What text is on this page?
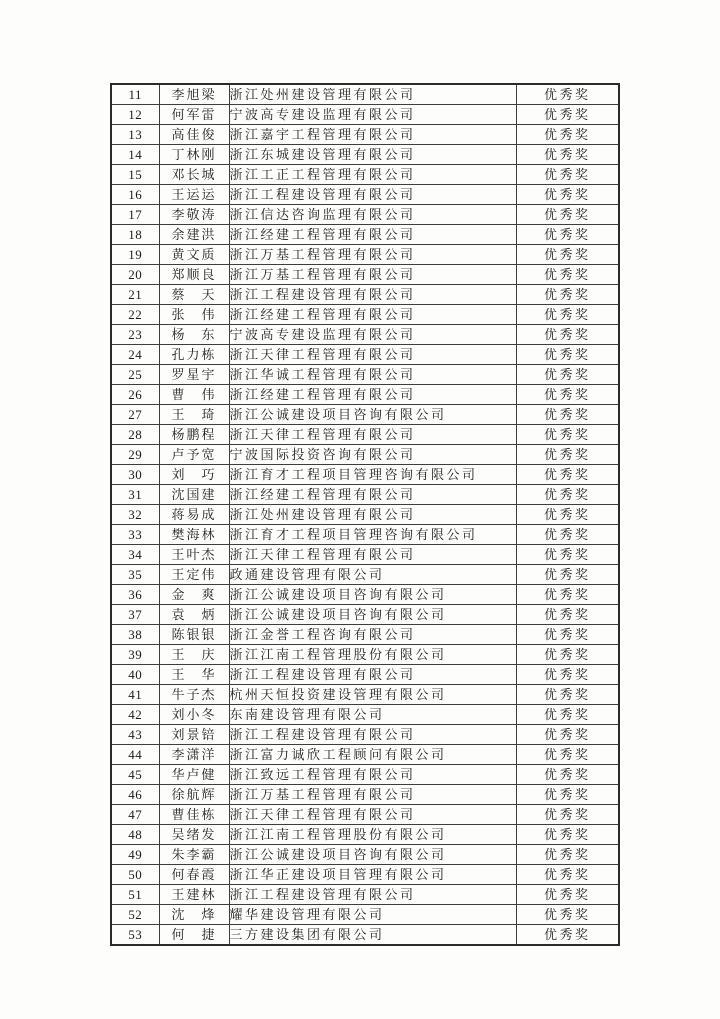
11	李旭梁	浙江处州建设管理有限公司	优秀奖
12	何军雷	宁波高专建设监理有限公司	优秀奖
13	高佳俊	浙江嘉宇工程管理有限公司	优秀奖
14	丁林刚	浙江东城建设管理有限公司	优秀奖
15	邓长城	浙江工正工程管理有限公司	优秀奖
16	王运运	浙江工程建设管理有限公司	优秀奖
17	李敬涛	浙江信达咨询监理有限公司	优秀奖
18	余建洪	浙江经建工程管理有限公司	优秀奖
19	黄文质	浙江万基工程管理有限公司	优秀奖
20	郑顺良	浙江万基工程管理有限公司	优秀奖
21	蔡　天	浙江工程建设管理有限公司	优秀奖
22	张　伟	浙江经建工程管理有限公司	优秀奖
23	杨　东	宁波高专建设监理有限公司	优秀奖
24	孔力栋	浙江天律工程管理有限公司	优秀奖
25	罗星宇	浙江华诚工程管理有限公司	优秀奖
26	曹　伟	浙江经建工程管理有限公司	优秀奖
27	王　琦	浙江公诚建设项目咨询有限公司	优秀奖
28	杨鹏程	浙江天律工程管理有限公司	优秀奖
29	卢予宽	宁波国际投资咨询有限公司	优秀奖
30	刘　巧	浙江育才工程项目管理咨询有限公司	优秀奖
31	沈国建	浙江经建工程管理有限公司	优秀奖
32	蒋易成	浙江处州建设管理有限公司	优秀奖
33	樊海林	浙江育才工程项目管理咨询有限公司	优秀奖
34	王叶杰	浙江天律工程管理有限公司	优秀奖
35	王定伟	政通建设管理有限公司	优秀奖
36	金　爽	浙江公诚建设项目咨询有限公司	优秀奖
37	袁　炳	浙江公诚建设项目咨询有限公司	优秀奖
38	陈银银	浙江金誉工程咨询有限公司	优秀奖
39	王　庆	浙江江南工程管理股份有限公司	优秀奖
40	王　华	浙江工程建设管理有限公司	优秀奖
41	牛子杰	杭州天恒投资建设管理有限公司	优秀奖
42	刘小冬	东南建设管理有限公司	优秀奖
43	刘景锫	浙江工程建设管理有限公司	优秀奖
44	李潇洋	浙江富力诚欣工程顾问有限公司	优秀奖
45	华卢健	浙江致远工程管理有限公司	优秀奖
46	徐航辉	浙江万基工程管理有限公司	优秀奖
47	曹佳栋	浙江天律工程管理有限公司	优秀奖
48	吴绪发	浙江江南工程管理股份有限公司	优秀奖
49	朱李霸	浙江公诚建设项目咨询有限公司	优秀奖
50	何春霞	浙江华正建设项目管理有限公司	优秀奖
51	王建林	浙江工程建设管理有限公司	优秀奖
52	沈　烽	耀华建设管理有限公司	优秀奖
53	何　捷	三方建设集团有限公司	优秀奖
